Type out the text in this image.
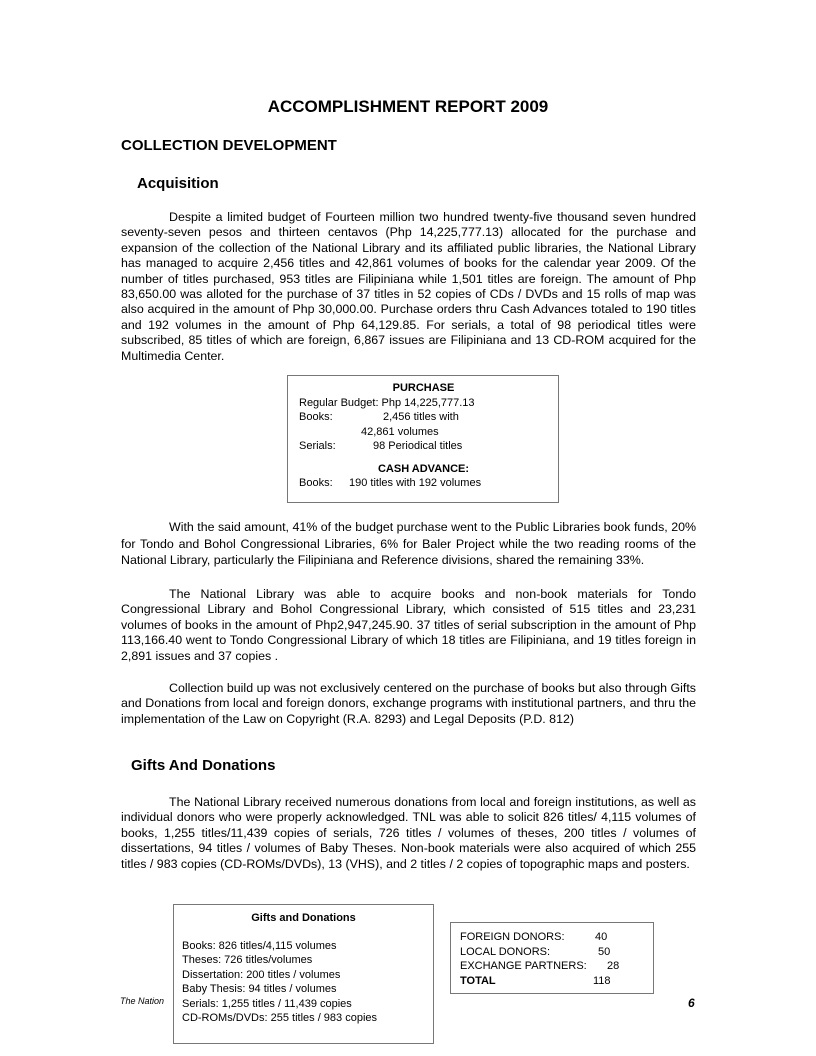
ACCOMPLISHMENT REPORT 2009
COLLECTION DEVELOPMENT
Acquisition

Despite a limited budget of Fourteen million two hundred twenty-five thousand seven hundred seventy-seven pesos and thirteen centavos (Php 14,225,777.13) allocated for the purchase and expansion of the collection of the National Library and its affiliated public libraries, the National Library has managed to acquire 2,456 titles and 42,861 volumes of books for the calendar year 2009. Of the number of titles purchased, 953 titles are Filipiniana while 1,501 titles are foreign. The amount of Php 83,650.00 was alloted for the purchase of 37 titles in 52 copies of CDs / DVDs and 15 rolls of map was also acquired in the amount of Php 30,000.00. Purchase orders thru Cash Advances totaled to 190 titles and 192 volumes in the amount of Php 64,129.85. For serials, a total of 98 periodical titles were subscribed, 85 titles of which are foreign, 6,867 issues are Filipiniana and 13 CD-ROM acquired for the Multimedia Center.

PURCHASE

Regular Budget: Php 14,225,777.13

Books:	2,456 titles with

42,861 volumes

Serials:	98 Periodical titles

CASH ADVANCE:

Books:	190 titles with 192 volumes

With the said amount, 41% of the budget purchase went to the Public Libraries book funds, 20% for Tondo and Bohol Congressional Libraries, 6% for Baler Project while the two reading rooms of the National Library, particularly the Filipiniana and Reference divisions, shared the remaining 33%.

The National Library was able to acquire books and non-book materials for Tondo Congressional Library and Bohol Congressional Library, which consisted of 515 titles and 23,231 volumes of books in the amount of Php2,947,245.90. 37 titles of serial subscription in the amount of Php 113,166.40 went to Tondo Congressional Library of which 18 titles are Filipiniana, and 19 titles foreign in 2,891 issues and 37 copies .

Collection build up was not exclusively centered on the purchase of books but also through Gifts and Donations from local and foreign donors, exchange programs with institutional partners, and thru the implementation of the Law on Copyright (R.A. 8293) and Legal Deposits (P.D. 812)

Gifts And Donations

The National Library received numerous donations from local and foreign institutions, as well as individual donors who were properly acknowledged. TNL was able to solicit 826 titles/ 4,115 volumes of books, 1,255 titles/11,439 copies of serials, 726 titles / volumes of theses, 200 titles / volumes of dissertations, 94 titles / volumes of Baby Theses. Non-book materials were also acquired of which 255 titles / 983 copies (CD-ROMs/DVDs), 13 (VHS), and 2 titles / 2 copies of topographic maps and posters.

Gifts and Donations

Books: 826 titles/4,115 volumes

Theses: 726 titles/volumes

Dissertation: 200 titles / volumes

Baby Thesis: 94 titles / volumes

Serials: 1,255 titles / 11,439 copies

CD-ROMs/DVDs: 255 titles / 983 copies

FOREIGN DONORS:	40

LOCAL DONORS:	50

EXCHANGE PARTNERS:	28

TOTAL	118

The Nation	6
